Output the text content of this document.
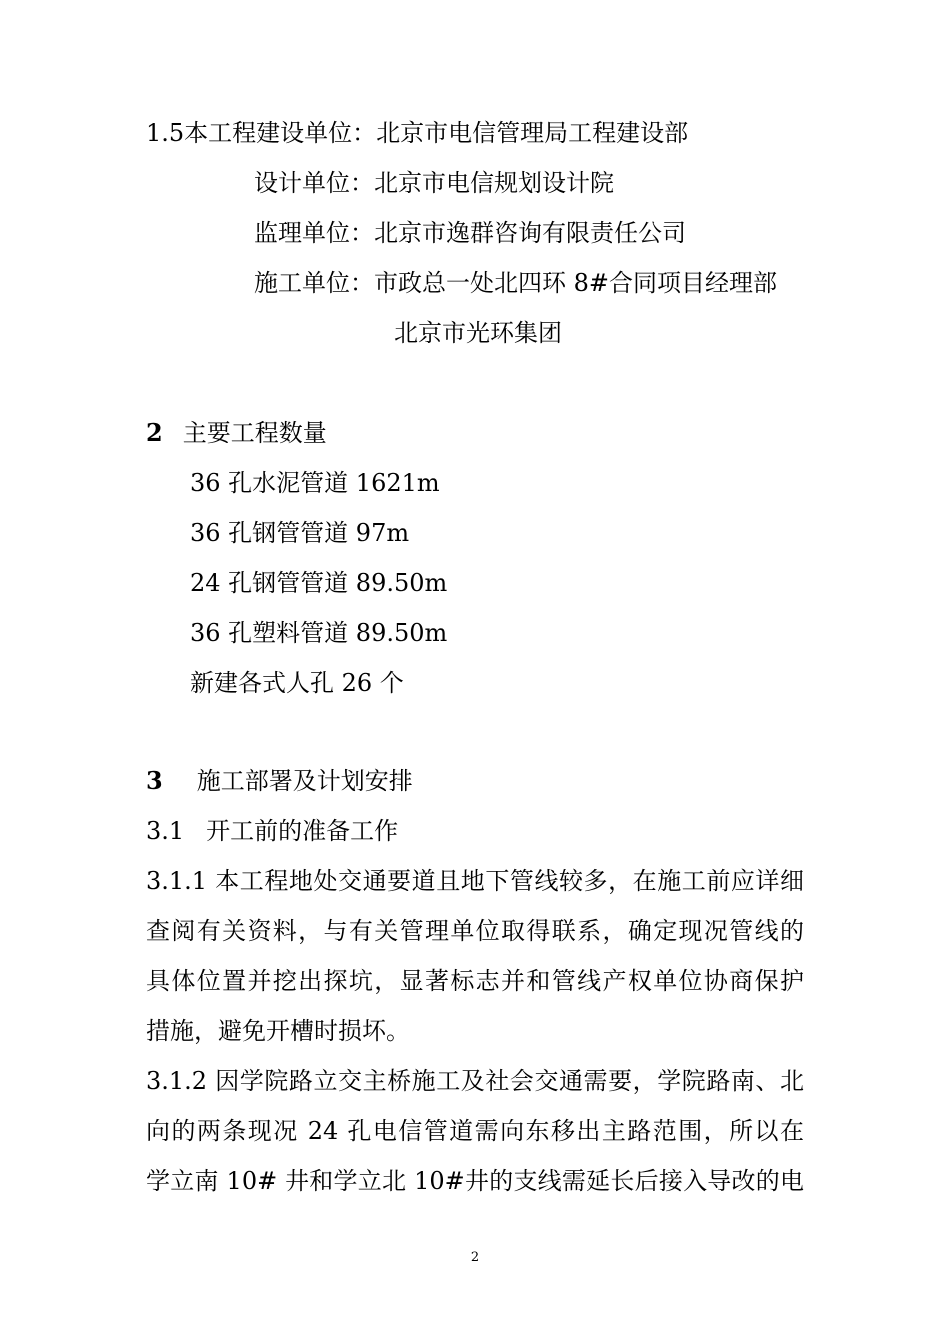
1.5本工程建设单位：北京市电信管理局工程建设部
设计单位：北京市电信规划设计院
监理单位：北京市逸群咨询有限责任公司
施工单位：市政总一处北四环 8#合同项目经理部
北京市光环集团
2 主要工程数量
36 孔水泥管道 1621m
36 孔钢管管道 97m
24 孔钢管管道 89.50m
36 孔塑料管道 89.50m
新建各式人孔 26 个
3 施工部署及计划安排
3.1 开工前的准备工作
3.1.1 本工程地处交通要道且地下管线较多，在施工前应详细
查阅有关资料，与有关管理单位取得联系，确定现况管线的
具体位置并挖出探坑，显著标志并和管线产权单位协商保护
措施，避免开槽时损坏。
3.1.2 因学院路立交主桥施工及社会交通需要，学院路南、北
向的两条现况 24 孔电信管道需向东移出主路范围，所以在
学立南 10# 井和学立北 10#井的支线需延长后接入导改的电
2
